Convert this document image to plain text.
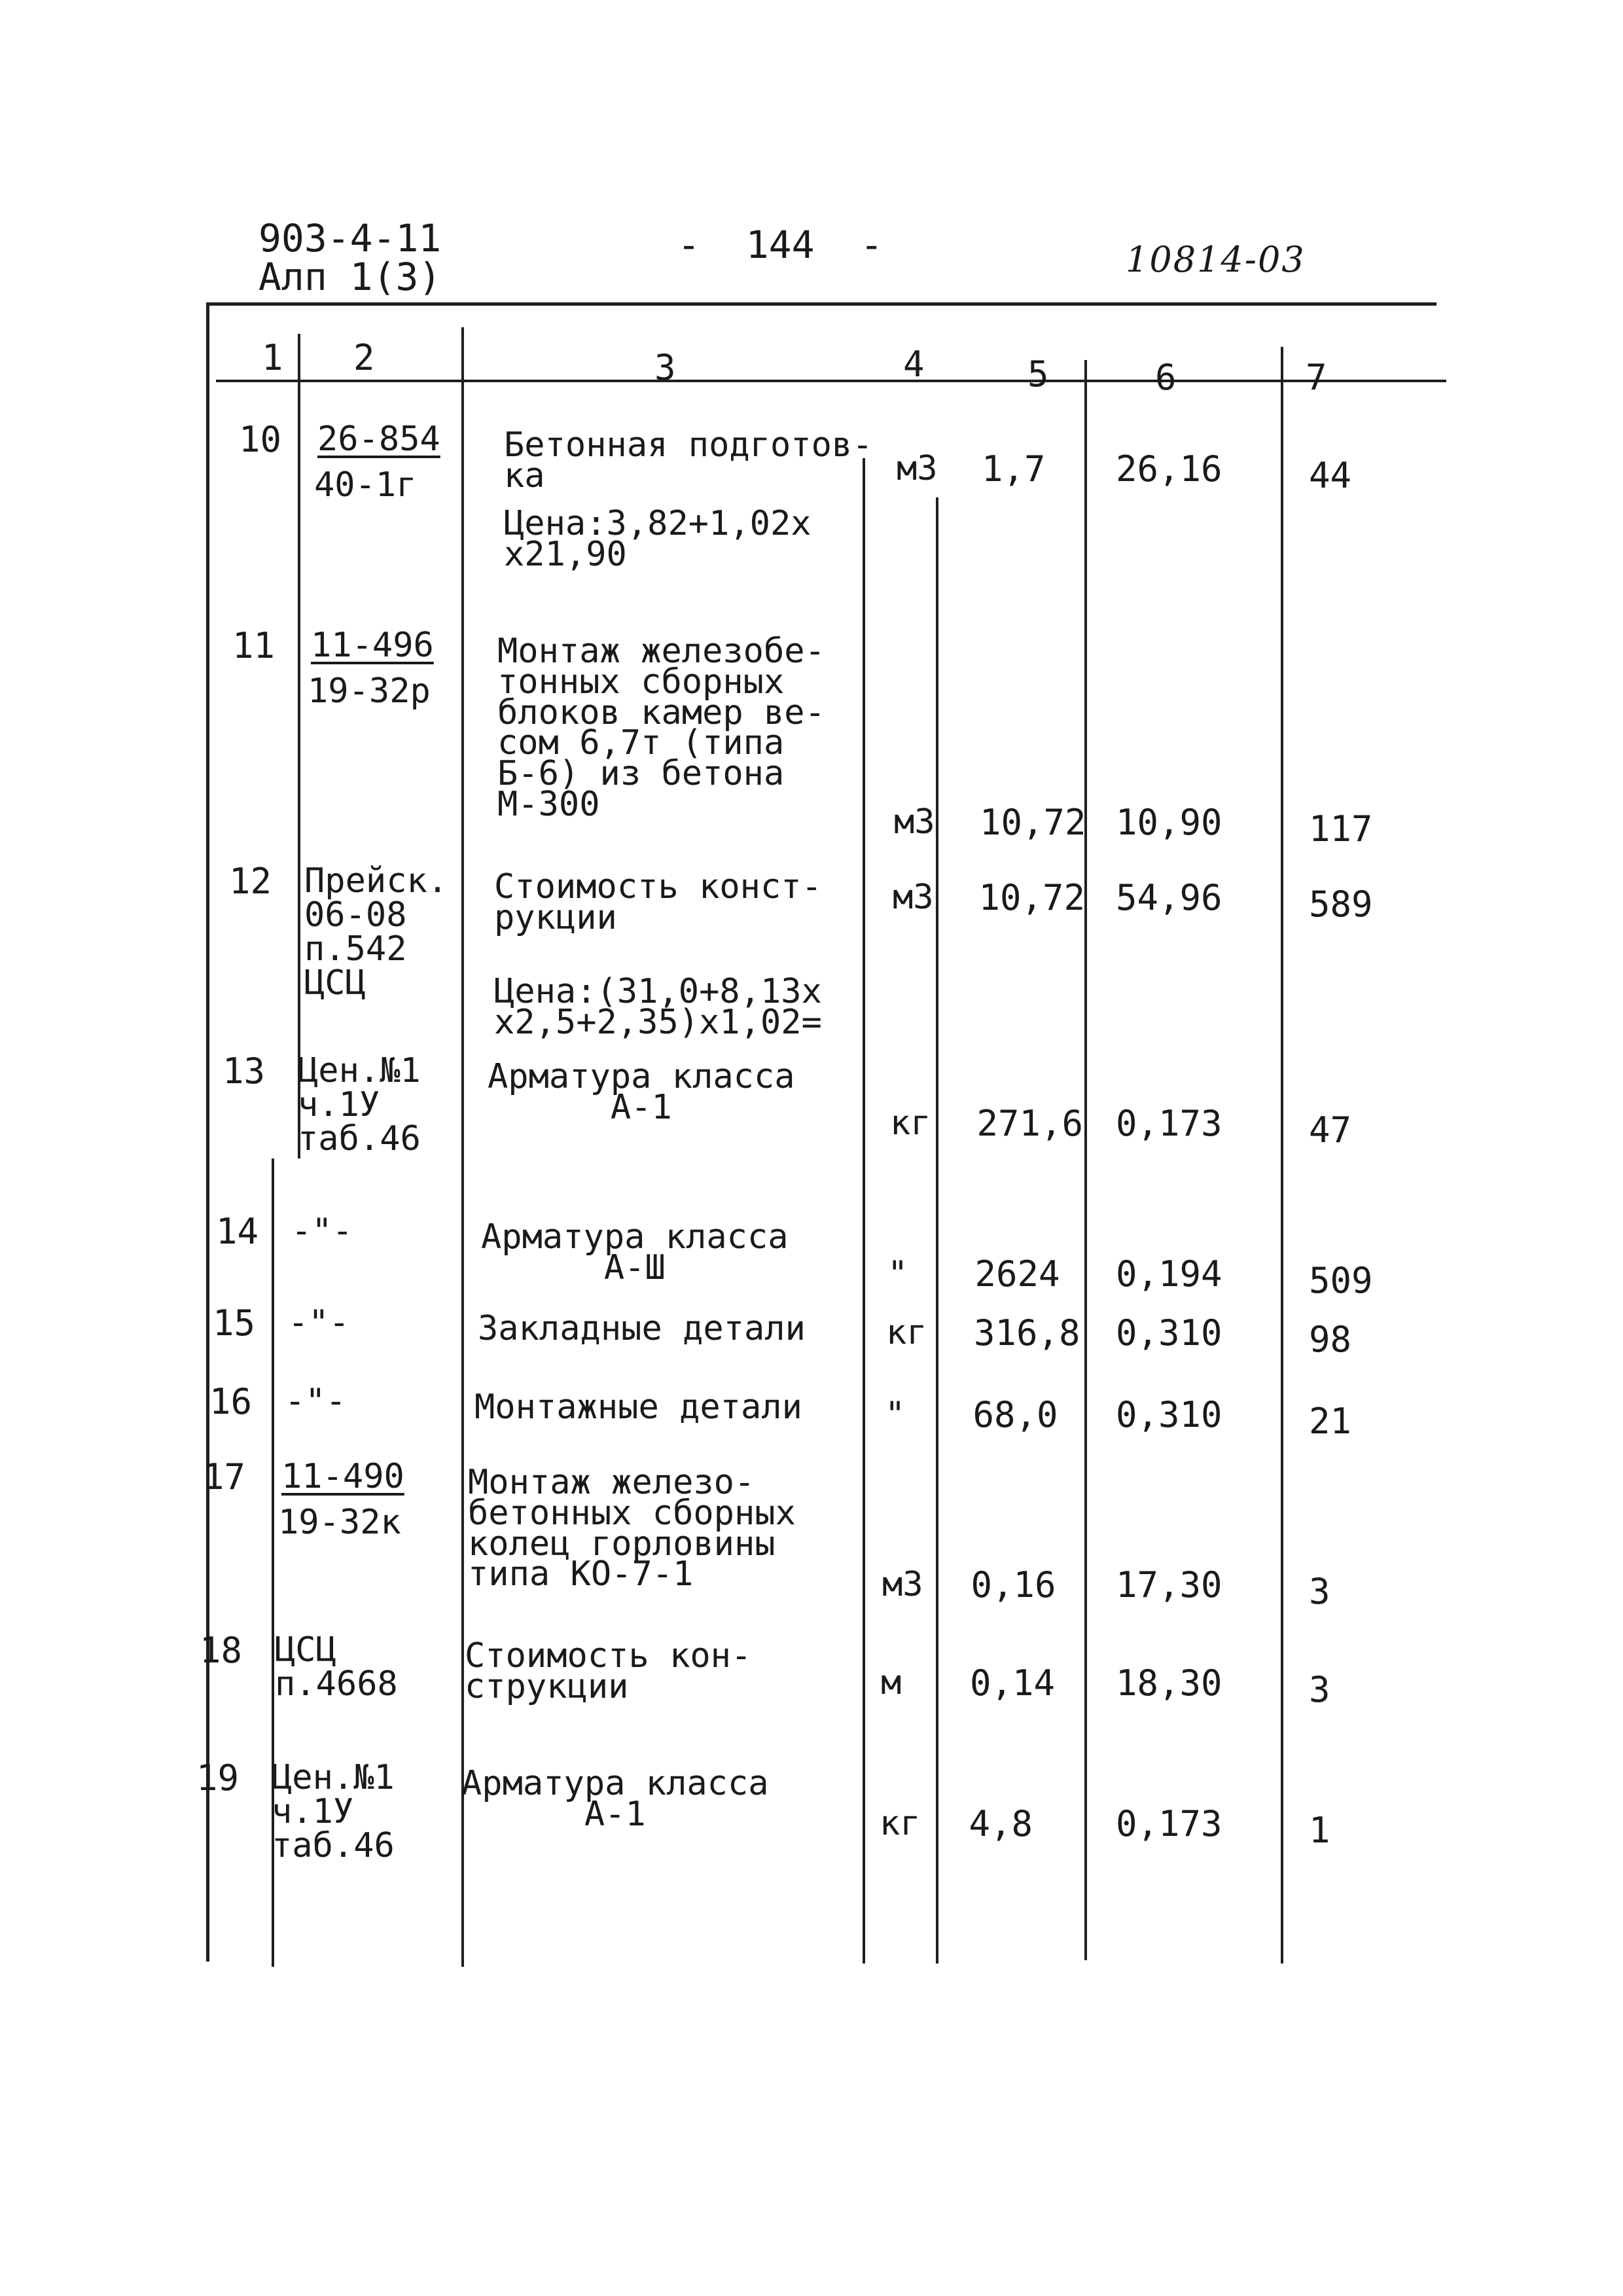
903-4-11
Алп 1(3)
-  144  -	10814-03
1 2	3	4	5	6	7
10 26-854
40-1г
Бетонная подготов-
ка
Цена:3,82+1,02х
х21,90
м3 1,7 26,16 44
11 11-496
19-32р
Монтаж железобе-
тонных сборных
блоков камер ве-
сом 6,7т (типа
Б-6) из бетона
М-300	м3 10,72 10,90 117
12 Прейск.
06-08
п.542
ЦСЦ
Стоимость конст-
рукции
Цена:(31,0+8,13х
х2,5+2,35)х1,02=
м3 10,72 54,96 589
13 Цен.№1
ч.1У
таб.46
Арматура класса
А-1	кг 271,6 0,173 47
14 -"-	Арматура класса
А-Ш	" 2624 0,194 509
15 -"-	Закладные детали кг 316,8 0,310 98
16 -"-	Монтажные детали " 68,0 0,310 21
17 11-490
19-32к
Монтаж железо-
бетонных сборных
колец горловины
типа КО-7-1	м3 0,16 17,30 3
18 ЦСЦ
п.4668
Стоимость кон-
струкции	м 0,14 18,30 3
19 Цен.№1
ч.1У
таб.46
Арматура класса
А-1	кг 4,8 0,173 1
